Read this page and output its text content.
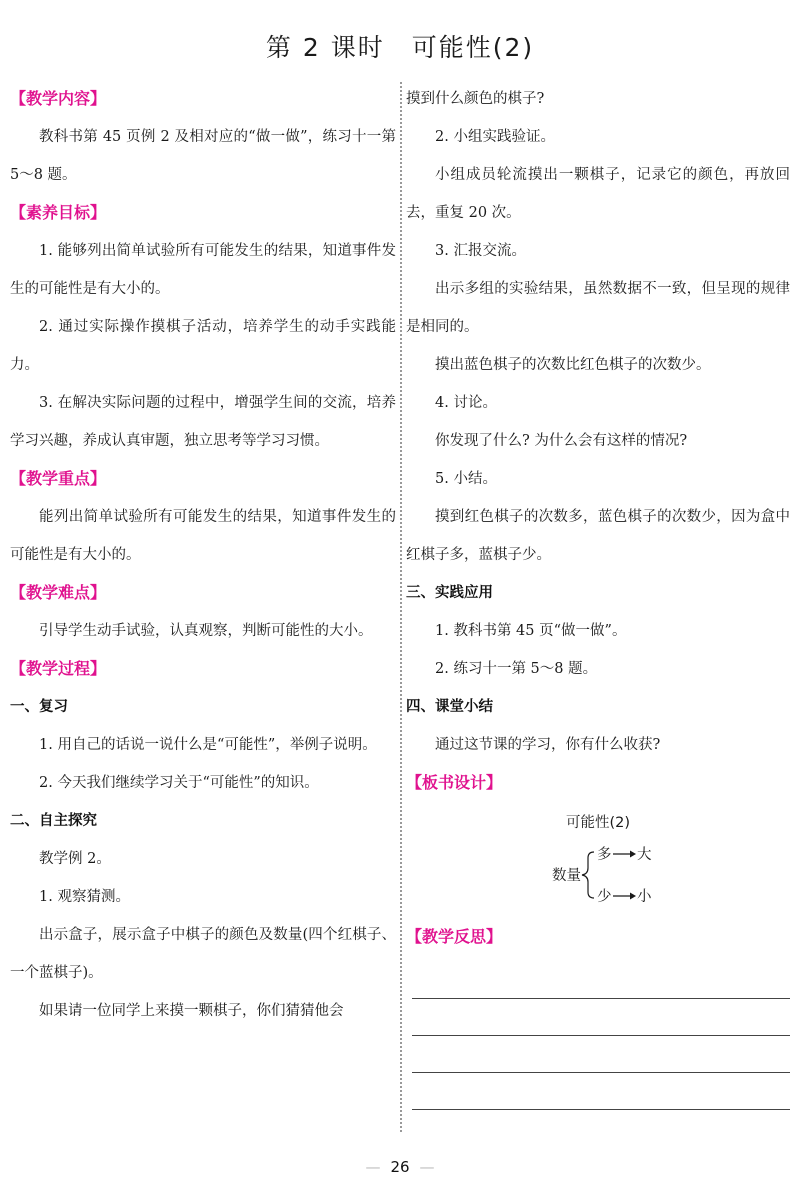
第 2 课时　可能性(2)
【教学内容】

教科书第 45 页例 2 及相对应的“做一做”，练习十一第 5～8 题。

【素养目标】

1. 能够列出简单试验所有可能发生的结果，知道事件发生的可能性是有大小的。

2. 通过实际操作摸棋子活动，培养学生的动手实践能力。

3. 在解决实际问题的过程中，增强学生间的交流，培养学习兴趣，养成认真审题，独立思考等学习习惯。

【教学重点】

能列出简单试验所有可能发生的结果，知道事件发生的可能性是有大小的。

【教学难点】

引导学生动手试验，认真观察，判断可能性的大小。

【教学过程】
一、复习

1. 用自己的话说一说什么是“可能性”，举例子说明。

2. 今天我们继续学习关于“可能性”的知识。

二、自主探究

教学例 2。

1. 观察猜测。

出示盒子，展示盒子中棋子的颜色及数量(四个红棋子、一个蓝棋子)。

如果请一位同学上来摸一颗棋子，你们猜猜他会

摸到什么颜色的棋子?

2. 小组实践验证。

小组成员轮流摸出一颗棋子，记录它的颜色，再放回去，重复 20 次。

3. 汇报交流。

出示多组的实验结果，虽然数据不一致，但呈现的规律是相同的。

摸出蓝色棋子的次数比红色棋子的次数少。

4. 讨论。

你发现了什么? 为什么会有这样的情况?

5. 小结。

摸到红色棋子的次数多，蓝色棋子的次数少，因为盒中红棋子多，蓝棋子少。

三、实践应用

1. 教科书第 45 页“做一做”。

2. 练习十一第 5～8 题。

四、课堂小结

通过这节课的学习，你有什么收获?

【板书设计】
可能性(2)
数量
多 大
少 小
【教学反思】
— 26 —
